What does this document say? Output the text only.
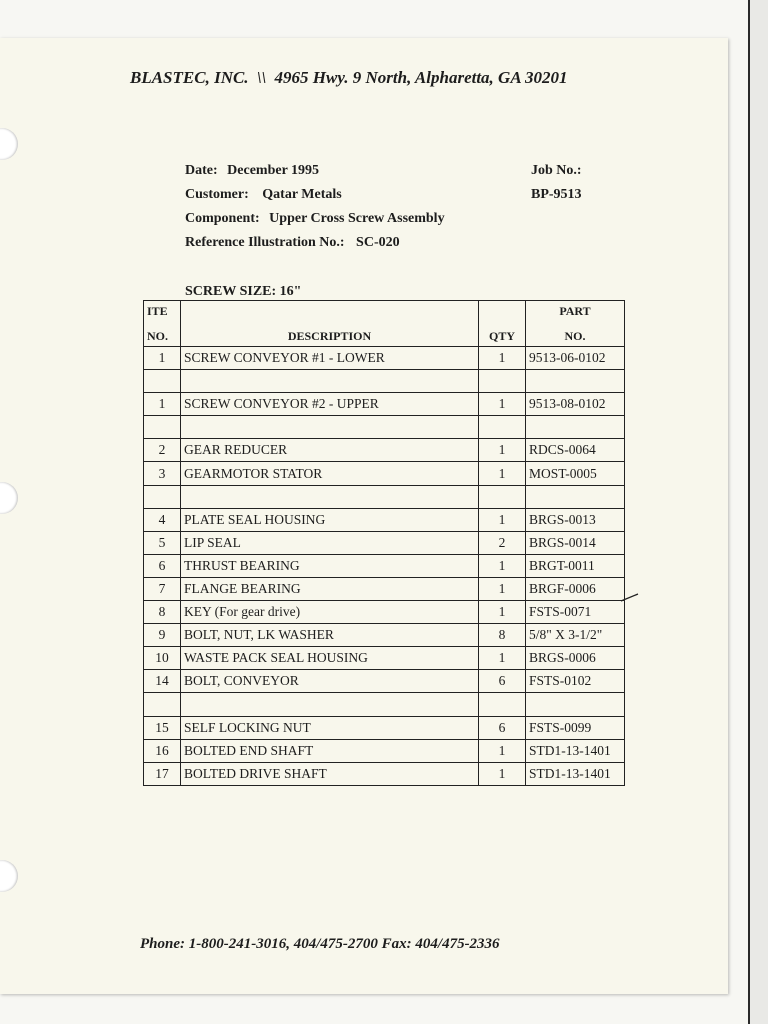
BLASTEC, INC. \\ 4965 Hwy. 9 North, Alpharetta, GA 30201
Date: December 1995
Customer: Qatar Metals
Component: Upper Cross Screw Assembly
Reference Illustration No.: SC-020
Job No.:
BP-9513
SCREW SIZE: 16"
ITE
NO.	DESCRIPTION	QTY	PART
NO.
1	SCREW CONVEYOR #1 - LOWER	1	9513-06-0102

1	SCREW CONVEYOR #2 - UPPER	1	9513-08-0102

2	GEAR REDUCER	1	RDCS-0064
3	GEARMOTOR STATOR	1	MOST-0005

4	PLATE SEAL HOUSING	1	BRGS-0013
5	LIP SEAL	2	BRGS-0014
6	THRUST BEARING	1	BRGT-0011
7	FLANGE BEARING	1	BRGF-0006
8	KEY (For gear drive)	1	FSTS-0071
9	BOLT, NUT, LK WASHER	8	5/8" X 3-1/2"
10	WASTE PACK SEAL HOUSING	1	BRGS-0006
14	BOLT, CONVEYOR	6	FSTS-0102

15	SELF LOCKING NUT	6	FSTS-0099
16	BOLTED END SHAFT	1	STD1-13-1401
17	BOLTED DRIVE SHAFT	1	STD1-13-1401
Phone: 1-800-241-3016, 404/475-2700 Fax: 404/475-2336
